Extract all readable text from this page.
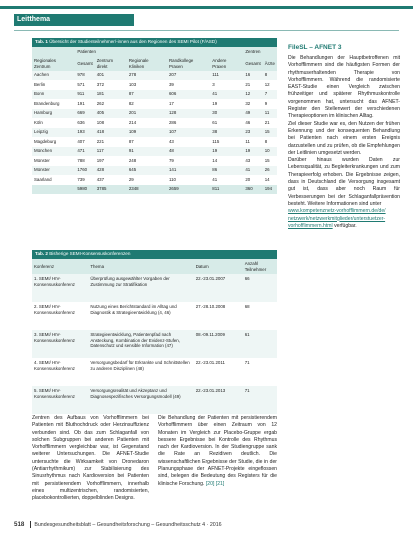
Leitthema
Tab. 1 Übersicht der Studienteilnehmer/-innen aus den Regionen des SEMI Pilot (F/ASD)
	Patienten					Zentren	
Regionales Zentrum	Gesamt	Zentrum direkt	Regionale Kliniken	Randkollege Praxen	Andere Praxen	Gesamt	Ärzte
Aachen	978	401	278	207	111	16	8
Berlin	571	372	103	39	3	21	12
Bonn	911	181	87	606	41	12	7
Brandenburg	191	262	82	17	19	32	9
Hamburg	669	405	201	128	30	49	11
Köln	636	108	214	286	61	46	21
Leipzig	193	418	109	107	38	23	15
Magdeburg	407	221	87	43	115	11	8
München	471	117	91	48	19	19	10
Münster	788	197	248	79	14	43	15
Münster	1760	428	645	141	86	41	26
Saarland	739	437	29	110	41	20	14
	5980	3785	2348	2659	811	360	194
Tab. 2 Bisherige SEMI-Konsensuskonferenzen
Konferenz	Thema	Datum	Anzahl Teilnehmer
1. SEMI/ HIV-Konsensuskonferenz	Überprüfung ausgewählter Vorgaben der Zustimmung zur Stratifikation	22.-23.01.2007	66
2. SEMI/ HIV-Konsensuskonferenz	Nutzung eines Berichtstandard im Alltag und Diagnostik & Strategieentwicklung (4, 46)	27.-28.10.2008	68
3. SEMI/ HIV-Konsensuskonferenz	Strategieentwicklung, Patientenpfad nach Ansteckung, Kombination der Evidenz-Stufen, Datenschutz und sensible Information (47)	08.-09.11.2009	61
4. SEMI/ HIV-Konsensuskonferenz	Versorgungsbedarf für Erkrankte und Schnittstellen zu anderen Disziplinen (48)	22.-23.01.2011	71
5. SEMI/ HIV-Konsensuskonferenz	Versorgungsrealität und Akzeptanz und Diagnosespezifisches Versorgungsmodell (49)	22.-23.01.2013	71
FileSL – AFNET 3

Die Behandlungen der Hauptbetroffenen mit Vorhofflimmern sind die häufigsten Formen der rhythmuserhaltenden Therapie von Vorhofflimmern. Während die randomisierte EAST-Studie einen Vergleich zwischen frühzeitiger und späterer Rhythmuskontrolle vorgenommen hat, untersucht das AFNET-Register den Stellenwert der verschiedenen Therapieoptionen im klinischen Alltag.

Ziel dieser Studie war es, den Nutzen der frühen Erkennung und der konsequenten Behandlung bei Patienten nach einem ersten Ereignis darzustellen und zu prüfen, ob die Empfehlungen der Leitlinien umgesetzt werden.

Darüber hinaus wurden Daten zur Lebensqualität, zu Begleiterkrankungen und zum Therapieerfolg erhoben. Die Ergebnisse zeigen, dass in Deutschland die Versorgung insgesamt gut ist, dass aber noch Raum für Verbesserungen bei der Schlaganfallprävention besteht. Weitere Informationen sind unter

www.kompetenznetz-vorhofflimmern.de/de/ netzwerk/netzwerkmitglieder/unterstuetzer-vorhofflimmern.html verfügbar.

Zentren des Aufbaus von Vorhofflimmern bei Patienten mit Bluthochdruck oder Herzinsuffizienz verbunden sind. Ob das zum Schlaganfall von solchen Subgruppen bei anderen Patienten mit Vorhofflimmern vergleichbar war, ist Gegenstand weiterer Untersuchungen. Die AFNET-Studie untersuchte die Wirksamkeit von Dronedaron (Antiarrhythmikum) zur Stabilisierung des Sinusrhythmus nach Kardioversion bei Patienten mit persistierendem Vorhofflimmern, innerhalb eines multizentrischen, randomisierten, placebokontrollierten, doppelblinden Designs.
Die Behandlung der Patienten mit persistierendem Vorhofflimmern über einen Zeitraum von 12 Monaten im Vergleich zur Placebo-Gruppe ergab bessere Ergebnisse bei Kontrolle des Rhythmus nach der Kardioversion. In der Studiengruppe sank die Rate an Rezidiven deutlich. Die wissenschaftlichen Ergebnisse der Studie, die in der Planungsphase der AFNET-Projekte eingeflossen sind, belegen die Bedeutung des Registers für die klinische Forschung. [20] [21]
518 Bundesgesundheitsblatt – Gesundheitsforschung – Gesundheitsschutz 4 · 2016
